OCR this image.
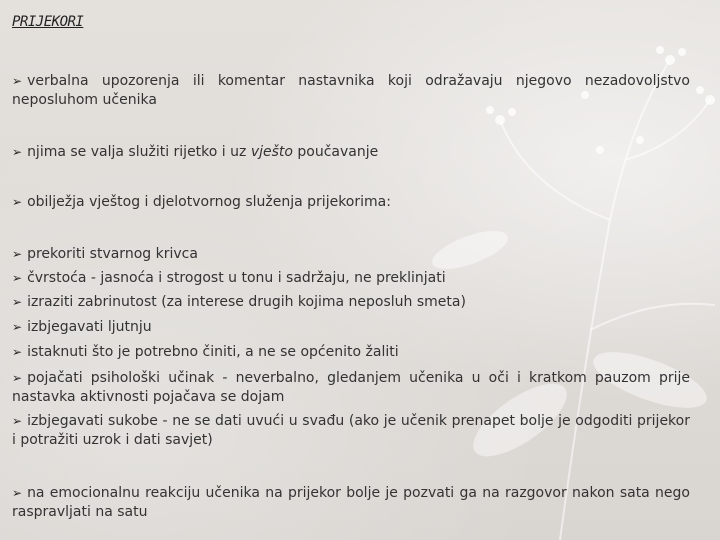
PRIJEKORI
➢ verbalna upozorenja ili komentar nastavnika koji odražavaju njegovo nezadovoljstvo neposluhom učenika
➢ njima se valja služiti rijetko i uz vješto poučavanje
➢ obilježja vještog i djelotvornog služenja prijekorima:
➢ prekoriti stvarnog krivca
➢ čvrstoća - jasnoća i strogost u tonu i sadržaju, ne preklinjati
➢ izraziti zabrinutost (za interese drugih kojima neposluh smeta)
➢ izbjegavati ljutnju
➢ istaknuti što je potrebno činiti, a ne se općenito žaliti
➢ pojačati psihološki učinak - neverbalno, gledanjem učenika u oči i kratkom pauzom prije nastavka aktivnosti pojačava se dojam
➢ izbjegavati sukobe - ne se dati uvući u svađu (ako je učenik prenapet bolje je odgoditi prijekor i potražiti uzrok i dati savjet)
➢ na emocionalnu reakciju učenika na prijekor bolje je pozvati ga na razgovor nakon sata nego raspravljati na satu
